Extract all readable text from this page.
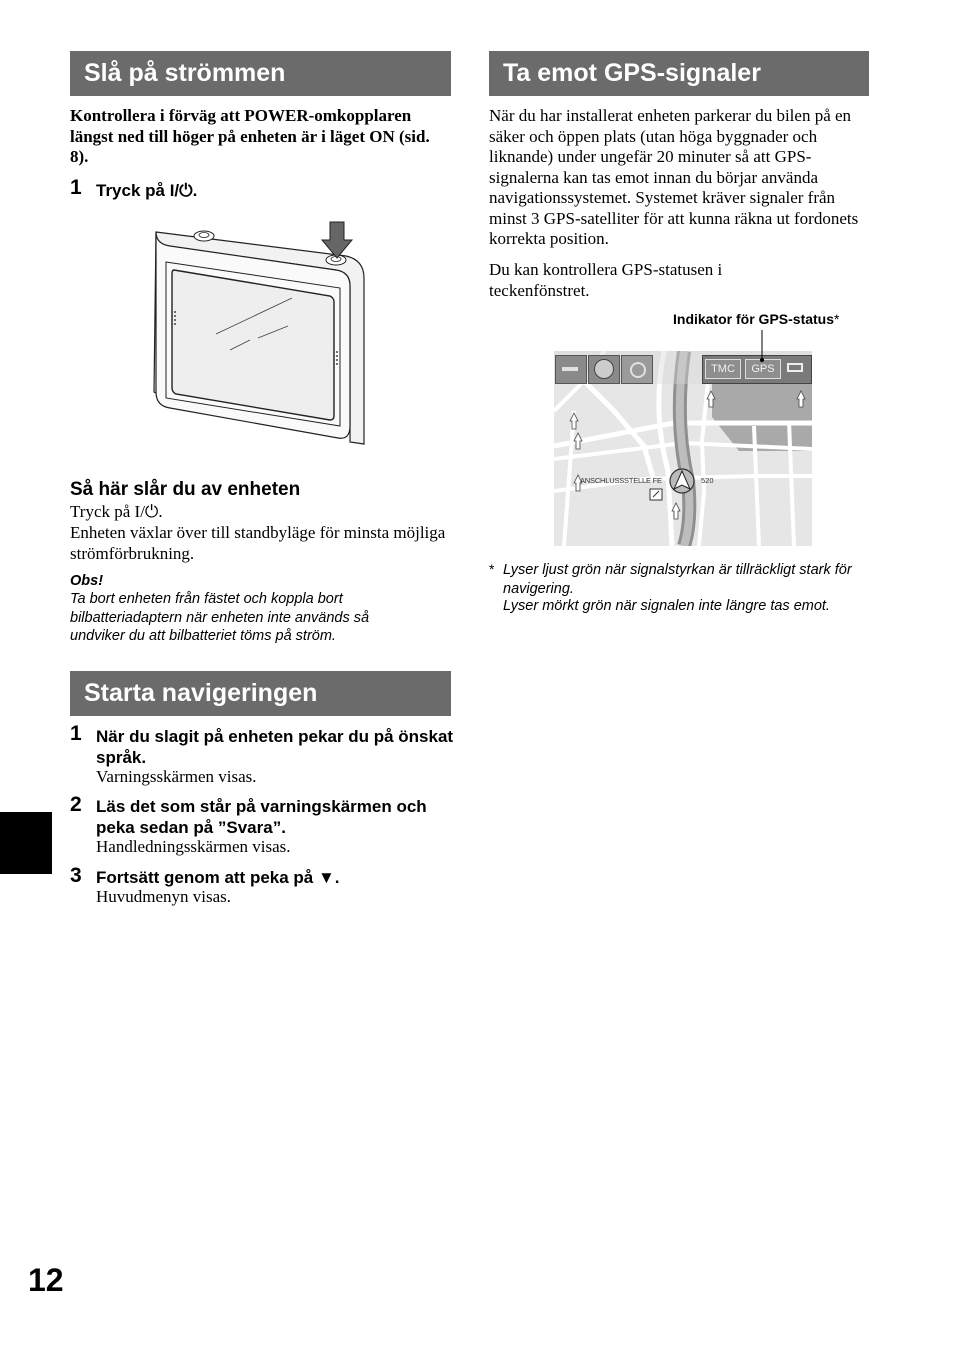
Slå på strömmen
Kontrollera i förväg att POWER-omkopplaren längst ned till höger på enheten är i läget ON (sid. 8).
1 Tryck på I/⏻.
Så här slår du av enheten
Tryck på I/⏻.
Enheten växlar över till standbyläge för minsta möjliga strömförbrukning.
Obs!
Ta bort enheten från fästet och koppla bort bilbatteriadaptern när enheten inte används så undviker du att bilbatteriet töms på ström.
Starta navigeringen
1 När du slagit på enheten pekar du på önskat språk.
Varningsskärmen visas.
2 Läs det som står på varningskärmen och peka sedan på ”Svara”.
Handledningsskärmen visas.
3 Fortsätt genom att peka på ▼.
Huvudmenyn visas.
Ta emot GPS-signaler
När du har installerat enheten parkerar du bilen på en säker och öppen plats (utan höga byggnader och liknande) under ungefär 20 minuter så att GPS-signalerna kan tas emot innan du börjar använda navigationssystemet. Systemet kräver signaler från minst 3 GPS-satelliter för att kunna räkna ut fordonets korrekta position.
Du kan kontrollera GPS-statusen i teckenfönstret.
Indikator för GPS-status*
TMC	GPS
ANSCHLUSSSTELLE FE	520
* Lyser ljust grön när signalstyrkan är tillräckligt stark för navigering.
Lyser mörkt grön när signalen inte längre tas emot.
12
